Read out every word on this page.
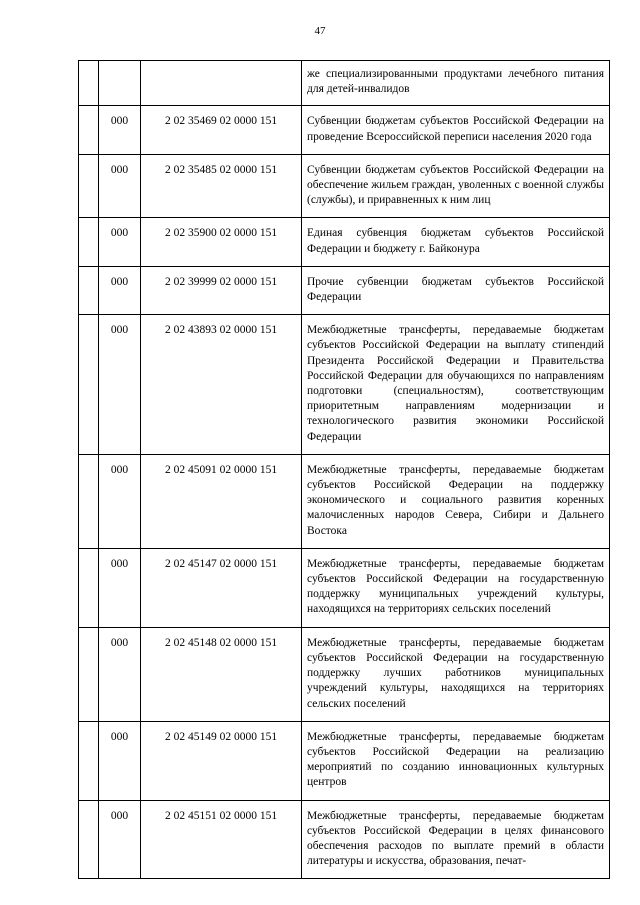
47
			же специализированными продуктами лечебного питания для детей-инвалидов
	000	2 02 35469 02 0000 151	Субвенции бюджетам субъектов Российской Федерации на проведение Всероссийской переписи населения 2020 года
	000	2 02 35485 02 0000 151	Субвенции бюджетам субъектов Российской Федерации на обеспечение жильем граждан, уволенных с военной службы (службы), и приравненных к ним лиц
	000	2 02 35900 02 0000 151	Единая субвенция бюджетам субъектов Российской Федерации и бюджету г. Байконура
	000	2 02 39999 02 0000 151	Прочие субвенции бюджетам субъектов Российской Федерации
	000	2 02 43893 02 0000 151	Межбюджетные трансферты, передаваемые бюджетам субъектов Российской Федерации на выплату стипендий Президента Российской Федерации и Правительства Российской Федерации для обучающихся по направлениям подготовки (специальностям), соответствующим приоритетным направлениям модернизации и технологического развития экономики Российской Федерации
	000	2 02 45091 02 0000 151	Межбюджетные трансферты, передаваемые бюджетам субъектов Российской Федерации на поддержку экономического и социального развития коренных малочисленных народов Севера, Сибири и Дальнего Востока
	000	2 02 45147 02 0000 151	Межбюджетные трансферты, передаваемые бюджетам субъектов Российской Федерации на государственную поддержку муниципальных учреждений культуры, находящихся на территориях сельских поселений
	000	2 02 45148 02 0000 151	Межбюджетные трансферты, передаваемые бюджетам субъектов Российской Федерации на государственную поддержку лучших работников муниципальных учреждений культуры, находящихся на территориях сельских поселений
	000	2 02 45149 02 0000 151	Межбюджетные трансферты, передаваемые бюджетам субъектов Российской Федерации на реализацию мероприятий по созданию инновационных культурных центров
	000	2 02 45151 02 0000 151	Межбюджетные трансферты, передаваемые бюджетам субъектов Российской Федерации в целях финансового обеспечения расходов по выплате премий в области литературы и искусства, образования, печат-
